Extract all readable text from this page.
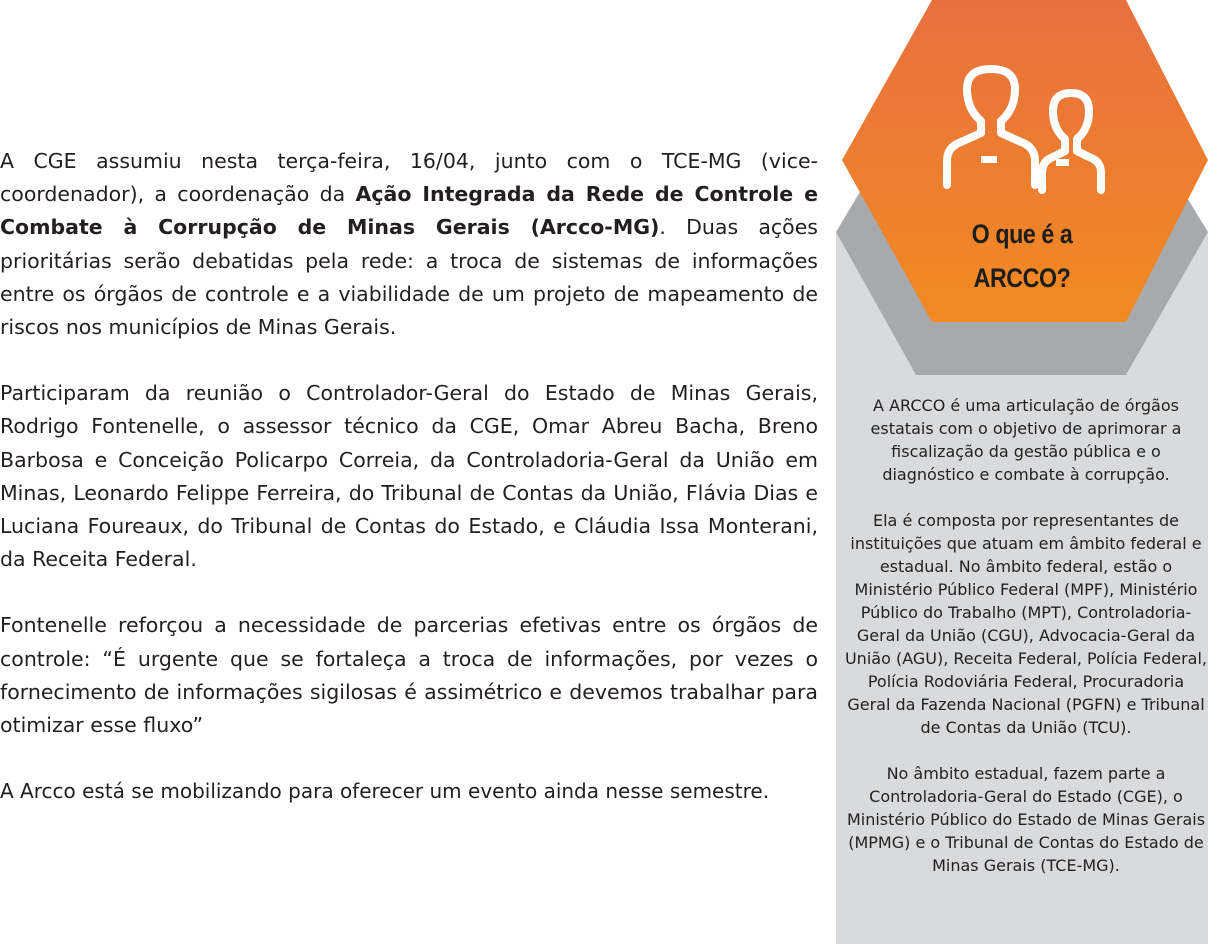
A CGE assumiu nesta terça-feira, 16/04, junto com o TCE-MG (vice-coordenador), a coordenação da Ação Integrada da Rede de Controle e Combate à Corrupção de Minas Gerais (Arcco-MG). Duas ações prioritárias serão debatidas pela rede: a troca de sistemas de informações entre os órgãos de controle e a viabilidade de um projeto de mapeamento de riscos nos municípios de Minas Gerais.

Participaram da reunião o Controlador-Geral do Estado de Minas Gerais, Rodrigo Fontenelle, o assessor técnico da CGE, Omar Abreu Bacha, Breno Barbosa e Conceição Policarpo Correia, da Controladoria-Geral da União em Minas, Leonardo Felippe Ferreira, do Tribunal de Contas da União, Flávia Dias e Luciana Foureaux, do Tribunal de Contas do Estado, e Cláudia Issa Monterani, da Receita Federal.

Fontenelle reforçou a necessidade de parcerias efetivas entre os órgãos de controle: “É urgente que se fortaleça a troca de informações, por vezes o fornecimento de informações sigilosas é assimétrico e devemos trabalhar para otimizar esse fluxo”

A Arcco está se mobilizando para oferecer um evento ainda nesse semestre.

O que é a
ARCCO?

A ARCCO é uma articulação de órgãos estatais com o objetivo de aprimorar a fiscalização da gestão pública e o diagnóstico e combate à corrupção.

Ela é composta por representantes de instituições que atuam em âmbito federal e estadual. No âmbito federal, estão o Ministério Público Federal (MPF), Ministério Público do Trabalho (MPT), Controladoria-Geral da União (CGU), Advocacia-Geral da União (AGU), Receita Federal, Polícia Federal, Polícia Rodoviária Federal, Procuradoria Geral da Fazenda Nacional (PGFN) e Tribunal de Contas da União (TCU).

No âmbito estadual, fazem parte a Controladoria-Geral do Estado (CGE), o Ministério Público do Estado de Minas Gerais (MPMG) e o Tribunal de Contas do Estado de Minas Gerais (TCE-MG).
